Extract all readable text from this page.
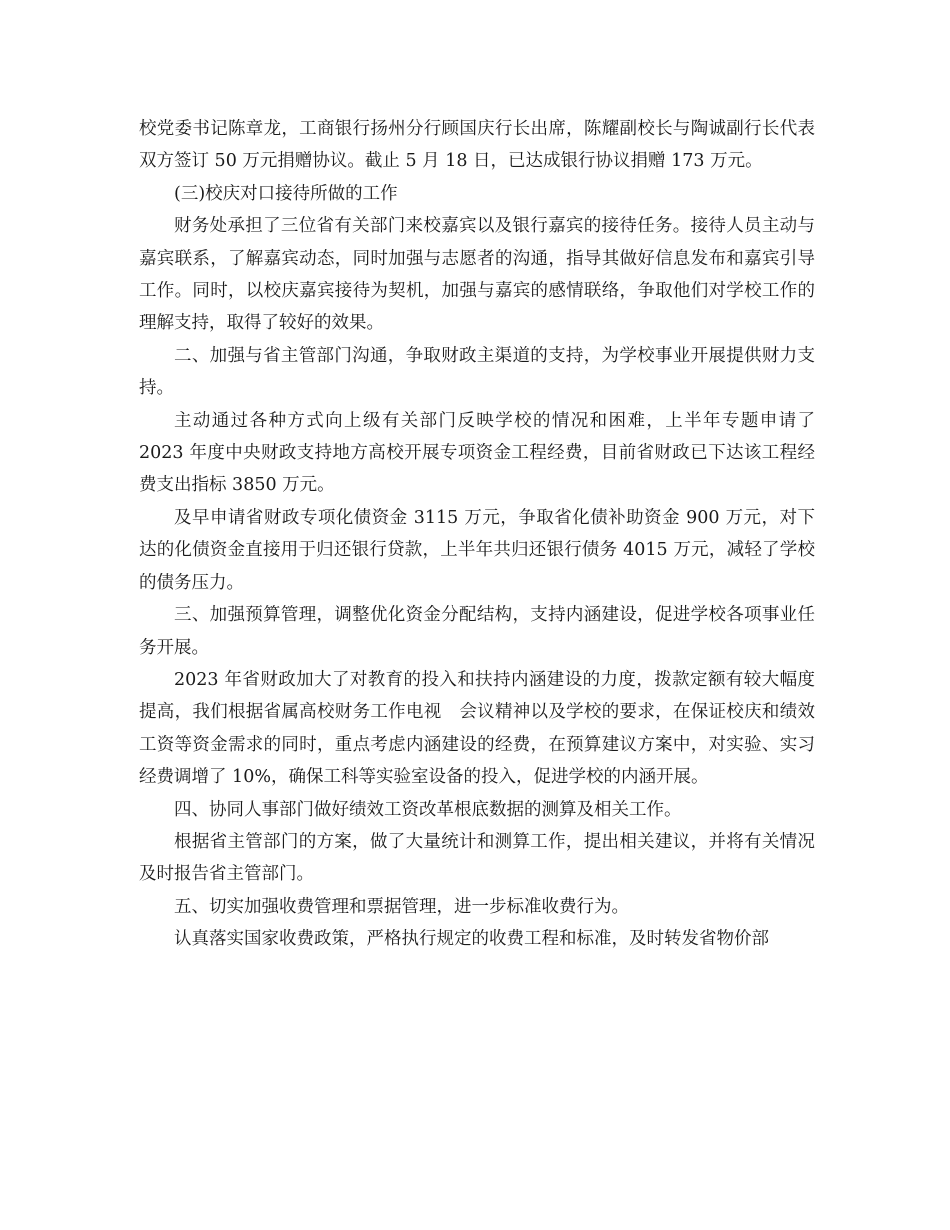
校党委书记陈章龙，工商银行扬州分行顾国庆行长出席，陈耀副校长与陶诚副行长代表双方签订 50 万元捐赠协议。截止 5 月 18 日，已达成银行协议捐赠 173 万元。

(三)校庆对口接待所做的工作

财务处承担了三位省有关部门来校嘉宾以及银行嘉宾的接待任务。接待人员主动与嘉宾联系，了解嘉宾动态，同时加强与志愿者的沟通，指导其做好信息发布和嘉宾引导工作。同时，以校庆嘉宾接待为契机，加强与嘉宾的感情联络，争取他们对学校工作的理解支持，取得了较好的效果。

二、加强与省主管部门沟通，争取财政主渠道的支持，为学校事业开展提供财力支持。

主动通过各种方式向上级有关部门反映学校的情况和困难，上半年专题申请了 2023 年度中央财政支持地方高校开展专项资金工程经费，目前省财政已下达该工程经费支出指标 3850 万元。

及早申请省财政专项化债资金 3115 万元，争取省化债补助资金 900 万元，对下达的化债资金直接用于归还银行贷款，上半年共归还银行债务 4015 万元，减轻了学校的债务压力。

三、加强预算管理，调整优化资金分配结构，支持内涵建设，促进学校各项事业任务开展。

2023 年省财政加大了对教育的投入和扶持内涵建设的力度，拨款定额有较大幅度提高，我们根据省属高校财务工作电视　会议精神以及学校的要求，在保证校庆和绩效工资等资金需求的同时，重点考虑内涵建设的经费，在预算建议方案中，对实验、实习经费调增了 10%，确保工科等实验室设备的投入，促进学校的内涵开展。

四、协同人事部门做好绩效工资改革根底数据的测算及相关工作。

根据省主管部门的方案，做了大量统计和测算工作，提出相关建议，并将有关情况及时报告省主管部门。

五、切实加强收费管理和票据管理，进一步标准收费行为。

认真落实国家收费政策，严格执行规定的收费工程和标准，及时转发省物价部
